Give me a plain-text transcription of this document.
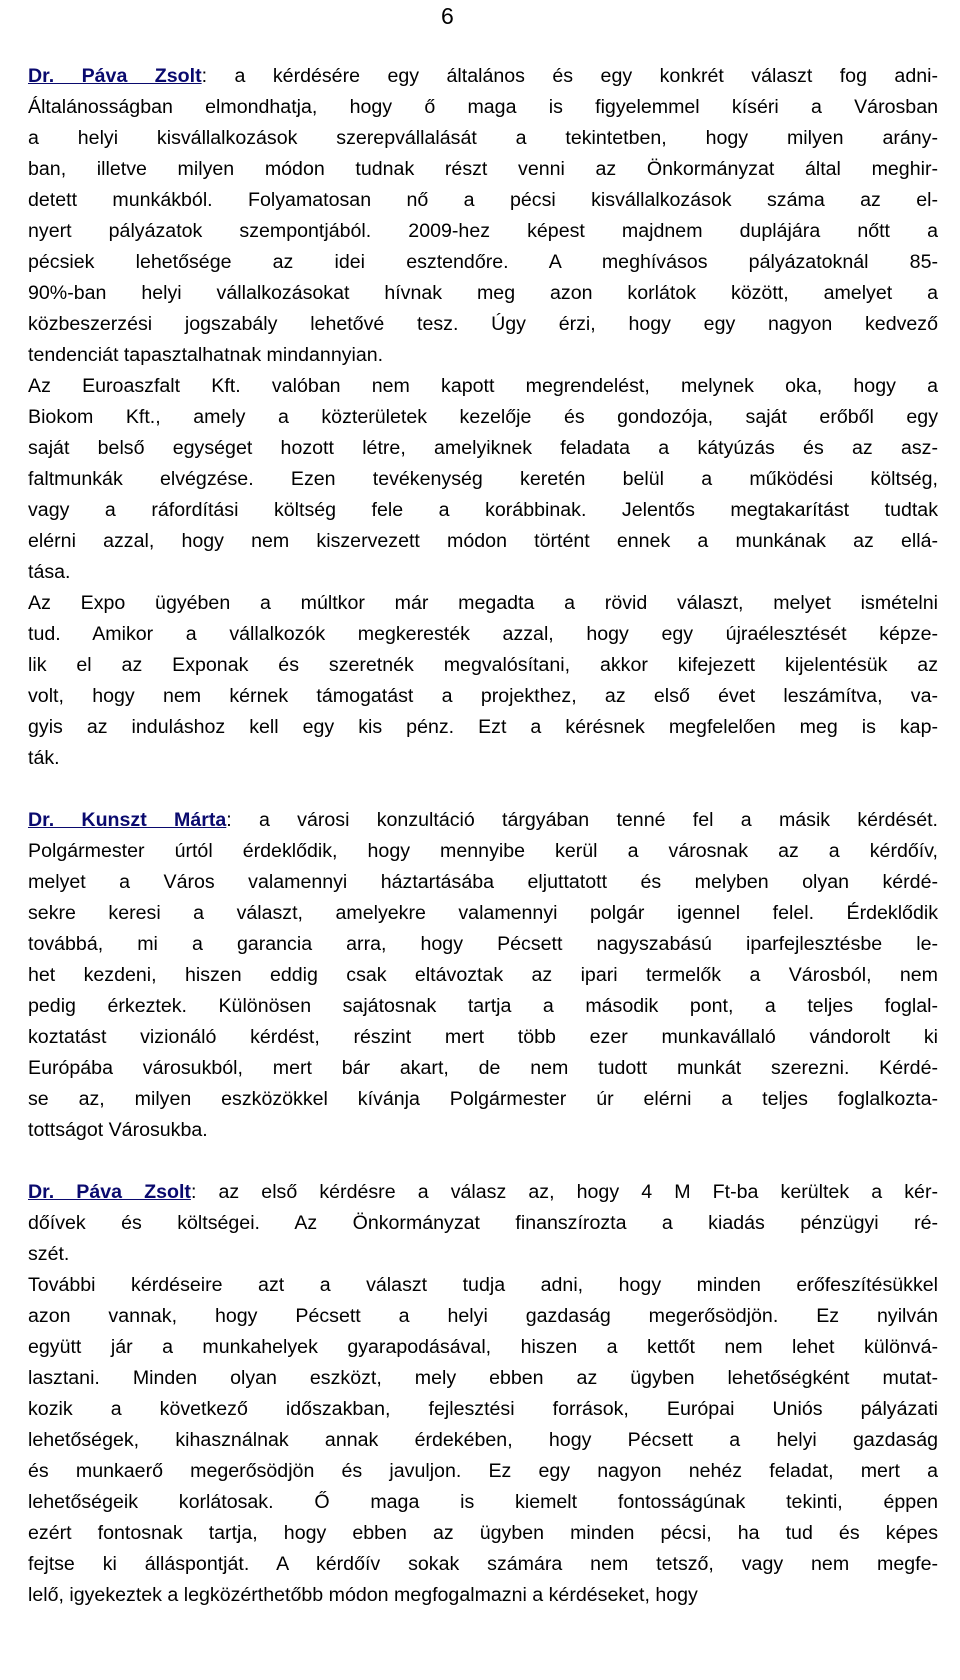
6
Dr. Páva Zsolt: a kérdésére egy általános és egy konkrét választ fog adni-
Általánosságban elmondhatja, hogy ő maga is figyelemmel kíséri a Városban
a helyi kisvállalkozások szerepvállalását a tekintetben, hogy milyen arány-
ban, illetve milyen módon tudnak részt venni az Önkormányzat által meghir-
detett munkákból. Folyamatosan nő a pécsi kisvállalkozások száma az el-
nyert pályázatok szempontjából. 2009-hez képest majdnem duplájára nőtt a
pécsiek lehetősége az idei esztendőre. A meghívásos pályázatoknál 85-
90%-ban helyi vállalkozásokat hívnak meg azon korlátok között, amelyet a
közbeszerzési jogszabály lehetővé tesz. Úgy érzi, hogy egy nagyon kedvező
tendenciát tapasztalhatnak mindannyian.
Az Euroaszfalt Kft. valóban nem kapott megrendelést, melynek oka, hogy a
Biokom Kft., amely a közterületek kezelője és gondozója, saját erőből egy
saját belső egységet hozott létre, amelyiknek feladata a kátyúzás és az asz-
faltmunkák elvégzése. Ezen tevékenység keretén belül a működési költség,
vagy a ráfordítási költség fele a korábbinak. Jelentős megtakarítást tudtak
elérni azzal, hogy nem kiszervezett módon történt ennek a munkának az ellá-
tása.
Az Expo ügyében a múltkor már megadta a rövid választ, melyet ismételni
tud. Amikor a vállalkozók megkeresték azzal, hogy egy újraélesztését képze-
lik el az Exponak és szeretnék megvalósítani, akkor kifejezett kijelentésük az
volt, hogy nem kérnek támogatást a projekthez, az első évet leszámítva, va-
gyis az induláshoz kell egy kis pénz. Ezt a kérésnek megfelelően meg is kap-
ták.
Dr. Kunszt Márta: a városi konzultáció tárgyában tenné fel a másik kérdését.
Polgármester úrtól érdeklődik, hogy mennyibe kerül a városnak az a kérdőív,
melyet a Város valamennyi háztartásába eljuttatott és melyben olyan kérdé-
sekre keresi a választ, amelyekre valamennyi polgár igennel felel. Érdeklődik
továbbá, mi a garancia arra, hogy Pécsett nagyszabású iparfejlesztésbe le-
het kezdeni, hiszen eddig csak eltávoztak az ipari termelők a Városból, nem
pedig érkeztek. Különösen sajátosnak tartja a második pont, a teljes foglal-
koztatást vizionáló kérdést, részint mert több ezer munkavállaló vándorolt ki
Európába városukból, mert bár akart, de nem tudott munkát szerezni. Kérdé-
se az, milyen eszközökkel kívánja Polgármester úr elérni a teljes foglalkozta-
tottságot Városukba.
Dr. Páva Zsolt: az első kérdésre a válasz az, hogy 4 M Ft-ba kerültek a kér-
dőívek és költségei. Az Önkormányzat finanszírozta a kiadás pénzügyi ré-
szét.
További kérdéseire azt a választ tudja adni, hogy minden erőfeszítésükkel
azon vannak, hogy Pécsett a helyi gazdaság megerősödjön. Ez nyilván
együtt jár a munkahelyek gyarapodásával, hiszen a kettőt nem lehet különvá-
lasztani. Minden olyan eszközt, mely ebben az ügyben lehetőségként mutat-
kozik a következő időszakban, fejlesztési források, Európai Uniós pályázati
lehetőségek, kihasználnak annak érdekében, hogy Pécsett a helyi gazdaság
és munkaerő megerősödjön és javuljon. Ez egy nagyon nehéz feladat, mert a
lehetőségeik korlátosak. Ő maga is kiemelt fontosságúnak tekinti, éppen
ezért fontosnak tartja, hogy ebben az ügyben minden pécsi, ha tud és képes
fejtse ki álláspontját. A kérdőív sokak számára nem tetsző, vagy nem megfe-
lelő, igyekeztek a legközérthetőbb módon megfogalmazni a kérdéseket, hogy
